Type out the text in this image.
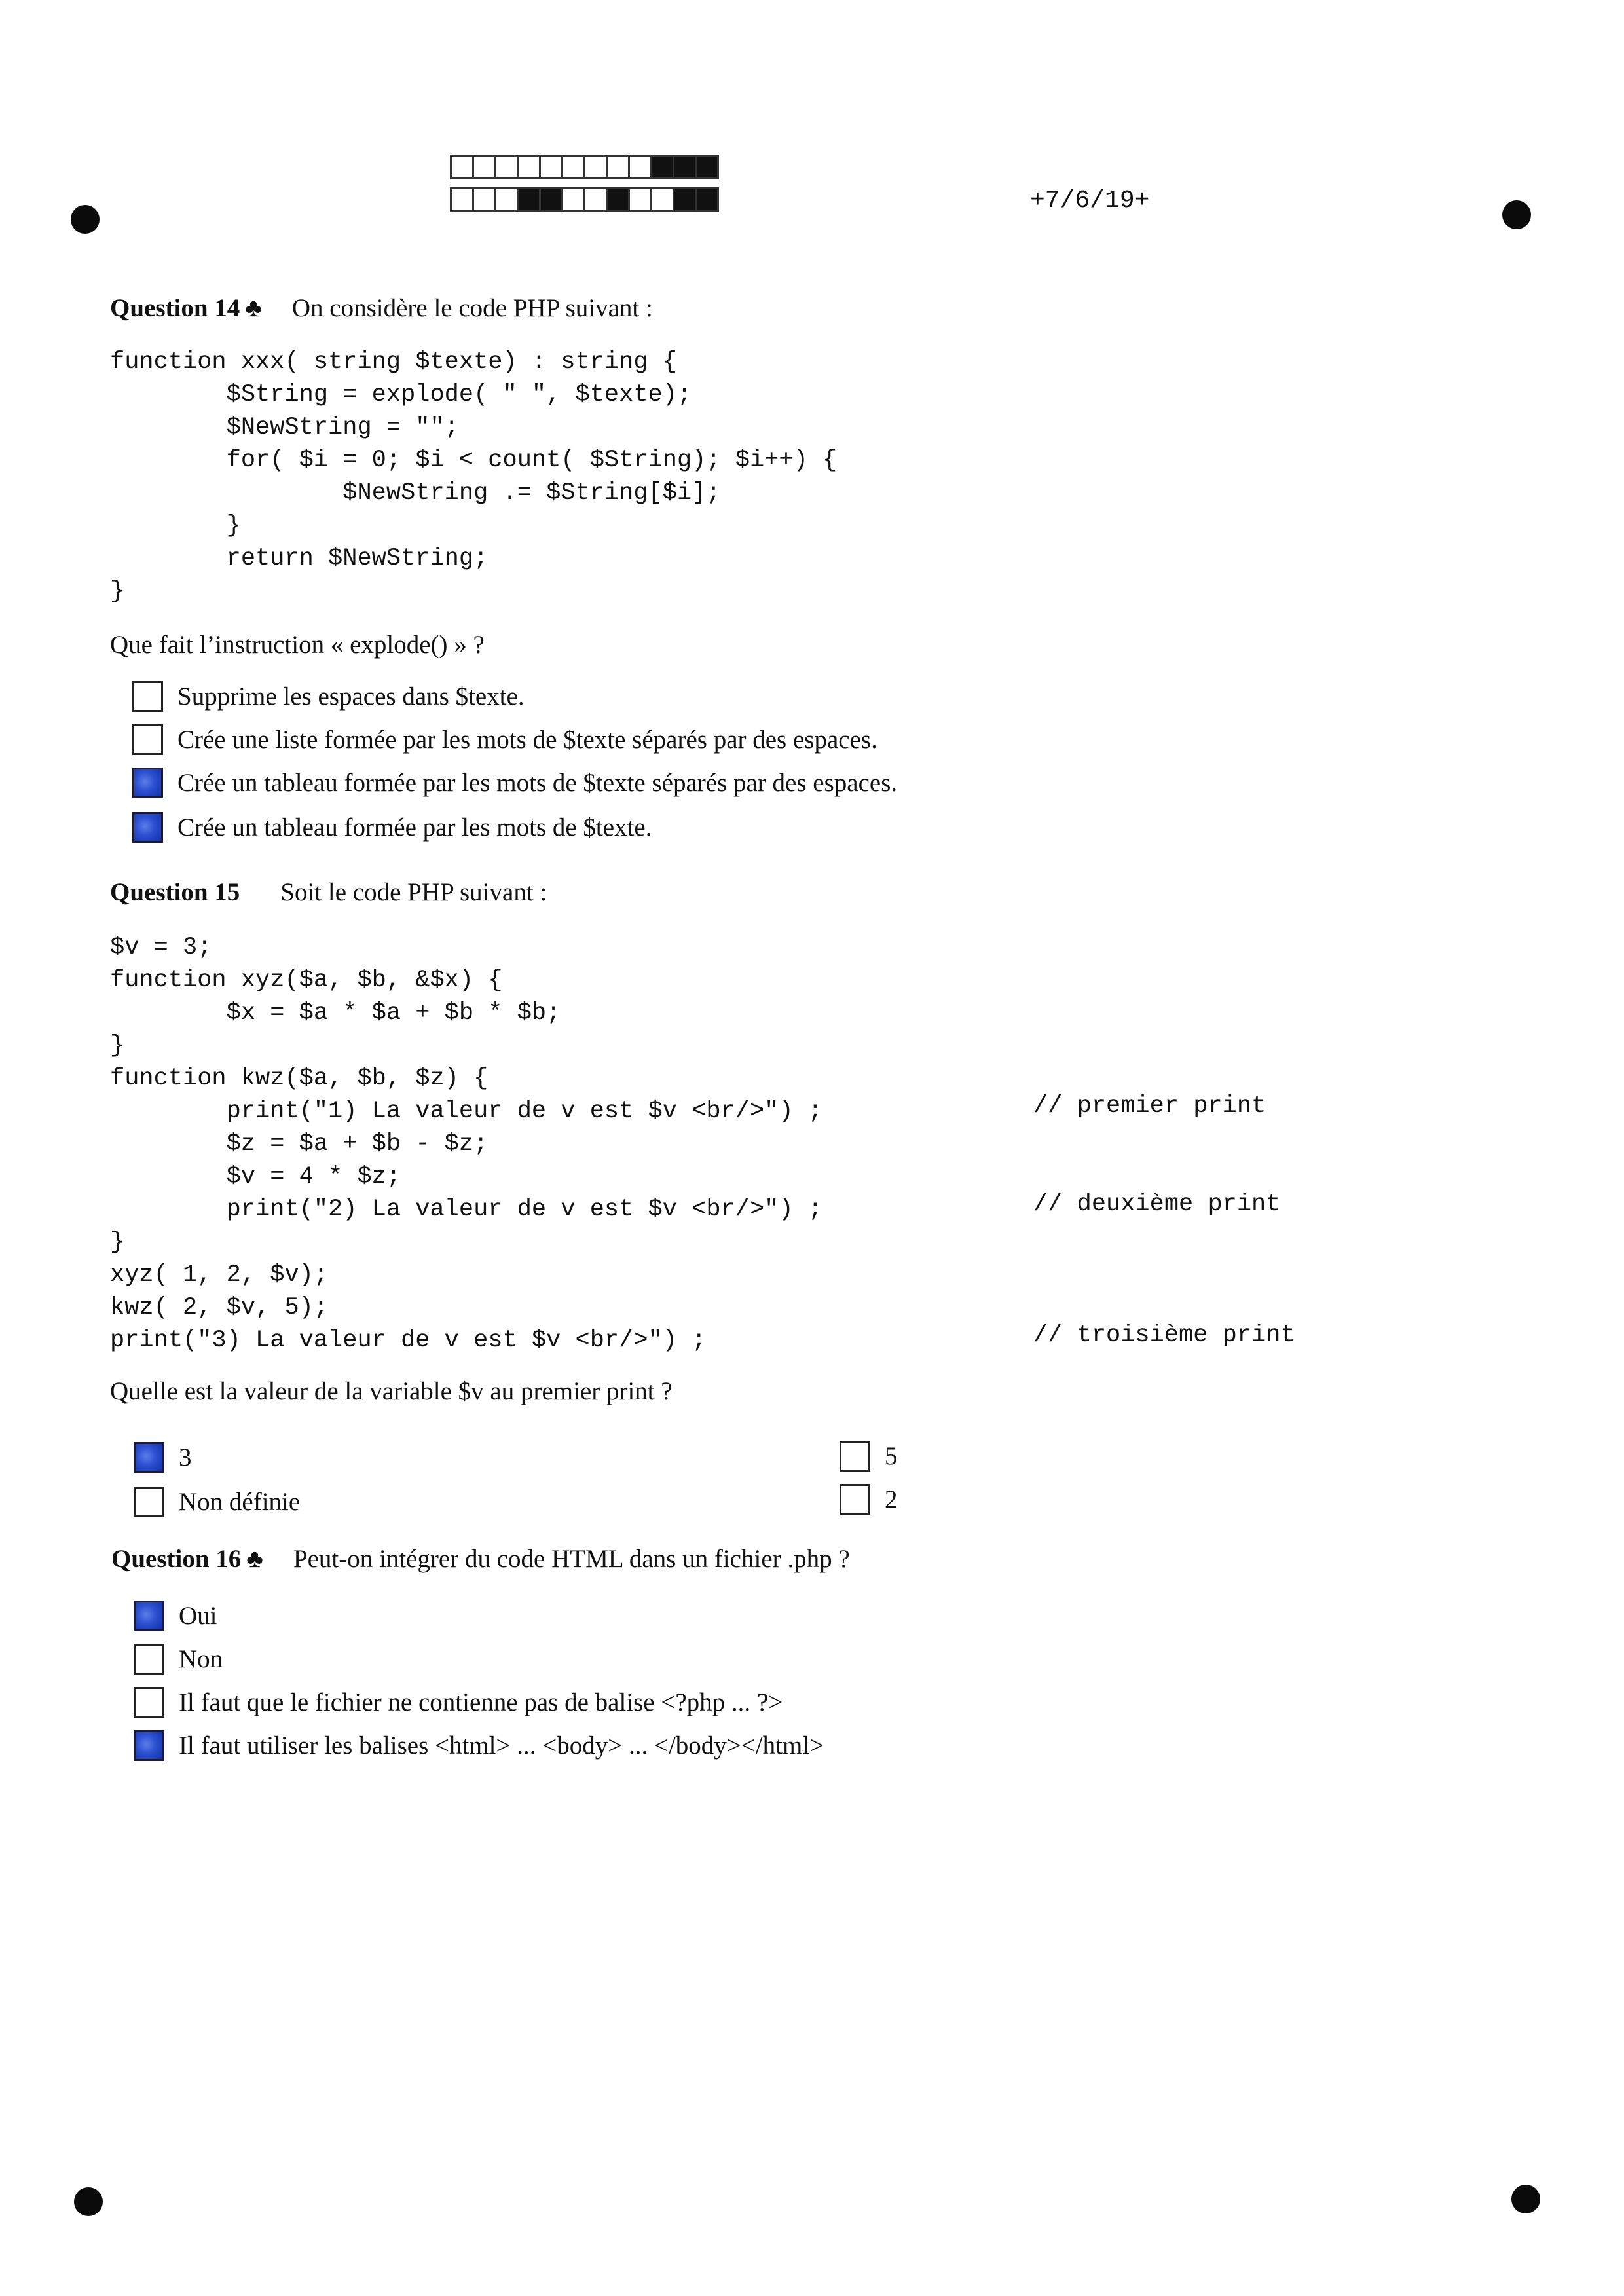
+7/6/19+
Question 14 ♣ On considère le code PHP suivant :
function xxx( string $texte) : string {
$String = explode( " ", $texte);
$NewString = "";
for( $i = 0; $i < count( $String); $i++) {
$NewString .= $String[$i];
}
return $NewString;
}
Que fait l’instruction « explode() » ?
Supprime les espaces dans $texte.
Crée une liste formée par les mots de $texte séparés par des espaces.
Crée un tableau formée par les mots de $texte séparés par des espaces.
Crée un tableau formée par les mots de $texte.
Question 15 Soit le code PHP suivant :
$v = 3;
function xyz($a, $b, &$x) {
$x = $a * $a + $b * $b;
}
function kwz($a, $b, $z) {
print("1) La valeur de v est $v <br/>") ;
$z = $a + $b - $z;
$v = 4 * $z;
print("2) La valeur de v est $v <br/>") ;
}
xyz( 1, 2, $v);
kwz( 2, $v, 5);
print("3) La valeur de v est $v <br/>") ;
// premier print
// deuxième print
// troisième print
Quelle est la valeur de la variable $v au premier print ?
3
Non définie
5
2
Question 16 ♣ Peut-on intégrer du code HTML dans un fichier .php ?
Oui
Non
Il faut que le fichier ne contienne pas de balise <?php ... ?>
Il faut utiliser les balises <html> ... <body> ... </body></html>
